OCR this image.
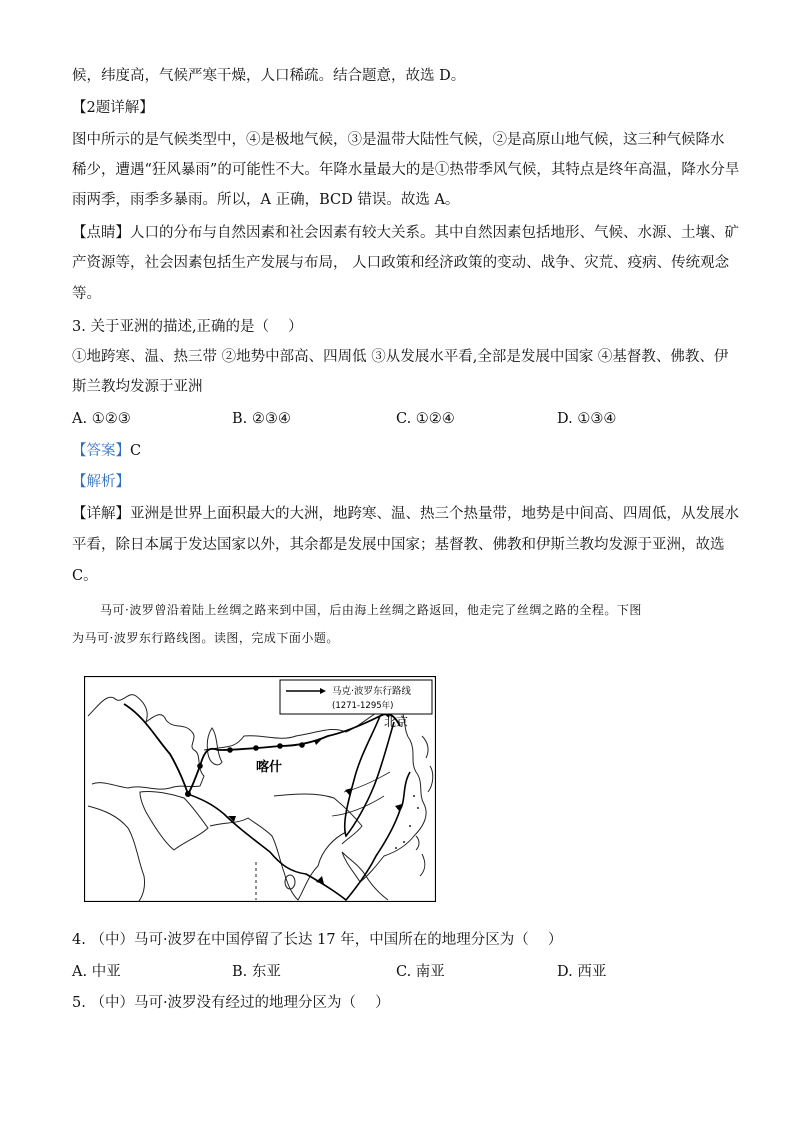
候，纬度高，气候严寒干燥，人口稀疏。结合题意，故选 D。
【2题详解】
图中所示的是气候类型中，④是极地气候，③是温带大陆性气候，②是高原山地气候，这三种气候降水
稀少，遭遇“狂风暴雨”的可能性不大。年降水量最大的是①热带季风气候，其特点是终年高温，降水分旱
雨两季，雨季多暴雨。所以，A 正确，BCD 错误。故选 A。
【点睛】人口的分布与自然因素和社会因素有较大关系。其中自然因素包括地形、气候、水源、土壤、矿
产资源等，社会因素包括生产发展与布局， 人口政策和经济政策的变动、战争、灾荒、疫病、传统观念
等。
3. 关于亚洲的描述,正确的是（　 ）
①地跨寒、温、热三带 ②地势中部高、四周低 ③从发展水平看,全部是发展中国家 ④基督教、佛教、伊
斯兰教均发源于亚洲
A. ①②③	B. ②③④	C. ①②④	D. ①③④
【答案】C
【解析】
【详解】亚洲是世界上面积最大的大洲，地跨寒、温、热三个热量带，地势是中间高、四周低，从发展水
平看，除日本属于发达国家以外，其余都是发展中国家；基督教、佛教和伊斯兰教均发源于亚洲，故选
C。
马可·波罗曾沿着陆上丝绸之路来到中国，后由海上丝绸之路返回，他走完了丝绸之路的全程。下图
为马可·波罗东行路线图。读图，完成下面小题。
马克·波罗东行路线
(1271-1295年)
北京
喀什
4. （中）马可·波罗在中国停留了长达 17 年，中国所在的地理分区为（　 ）
A. 中亚	B. 东亚	C. 南亚	D. 西亚
5. （中）马可·波罗没有经过的地理分区为（　 ）
